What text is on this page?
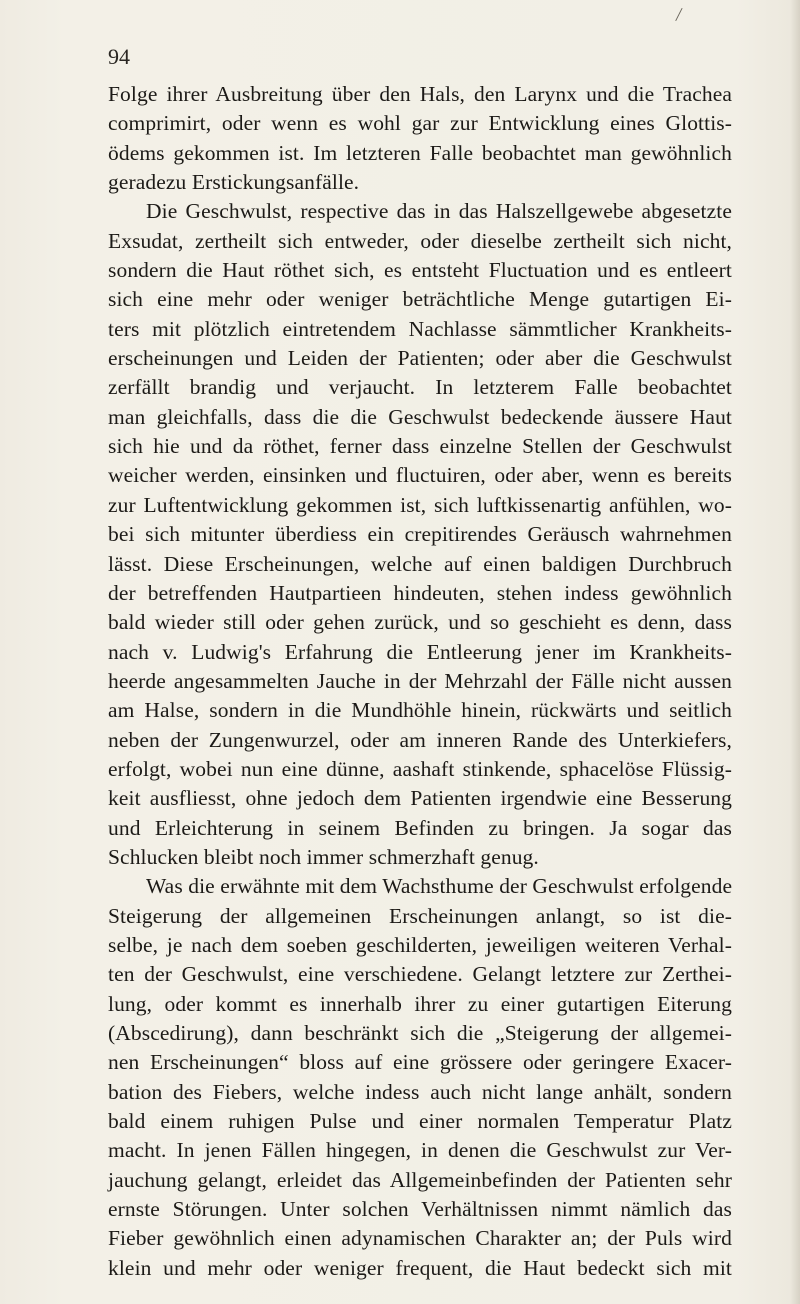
/
94
Folge ihrer Ausbreitung über den Hals, den Larynx und die Trachea
comprimirt, oder wenn es wohl gar zur Entwicklung eines Glottis-
ödems gekommen ist. Im letzteren Falle beobachtet man gewöhnlich
geradezu Erstickungsanfälle.
Die Geschwulst, respective das in das Halszellgewebe abgesetzte
Exsudat, zertheilt sich entweder, oder dieselbe zertheilt sich nicht,
sondern die Haut röthet sich, es entsteht Fluctuation und es entleert
sich eine mehr oder weniger beträchtliche Menge gutartigen Ei-
ters mit plötzlich eintretendem Nachlasse sämmtlicher Krankheits-
erscheinungen und Leiden der Patienten; oder aber die Geschwulst
zerfällt brandig und verjaucht. In letzterem Falle beobachtet
man gleichfalls, dass die die Geschwulst bedeckende äussere Haut
sich hie und da röthet, ferner dass einzelne Stellen der Geschwulst
weicher werden, einsinken und fluctuiren, oder aber, wenn es bereits
zur Luftentwicklung gekommen ist, sich luftkissenartig anfühlen, wo-
bei sich mitunter überdiess ein crepitirendes Geräusch wahrnehmen
lässt. Diese Erscheinungen, welche auf einen baldigen Durchbruch
der betreffenden Hautpartieen hindeuten, stehen indess gewöhnlich
bald wieder still oder gehen zurück, und so geschieht es denn, dass
nach v. Ludwig's Erfahrung die Entleerung jener im Krankheits-
heerde angesammelten Jauche in der Mehrzahl der Fälle nicht aussen
am Halse, sondern in die Mundhöhle hinein, rückwärts und seitlich
neben der Zungenwurzel, oder am inneren Rande des Unterkiefers,
erfolgt, wobei nun eine dünne, aashaft stinkende, sphacelöse Flüssig-
keit ausfliesst, ohne jedoch dem Patienten irgendwie eine Besserung
und Erleichterung in seinem Befinden zu bringen. Ja sogar das
Schlucken bleibt noch immer schmerzhaft genug.
Was die erwähnte mit dem Wachsthume der Geschwulst erfolgende
Steigerung der allgemeinen Erscheinungen anlangt, so ist die-
selbe, je nach dem soeben geschilderten, jeweiligen weiteren Verhal-
ten der Geschwulst, eine verschiedene. Gelangt letztere zur Zerthei-
lung, oder kommt es innerhalb ihrer zu einer gutartigen Eiterung
(Abscedirung), dann beschränkt sich die „Steigerung der allgemei-
nen Erscheinungen“ bloss auf eine grössere oder geringere Exacer-
bation des Fiebers, welche indess auch nicht lange anhält, sondern
bald einem ruhigen Pulse und einer normalen Temperatur Platz
macht. In jenen Fällen hingegen, in denen die Geschwulst zur Ver-
jauchung gelangt, erleidet das Allgemeinbefinden der Patienten sehr
ernste Störungen. Unter solchen Verhältnissen nimmt nämlich das
Fieber gewöhnlich einen adynamischen Charakter an; der Puls wird
klein und mehr oder weniger frequent, die Haut bedeckt sich mit
